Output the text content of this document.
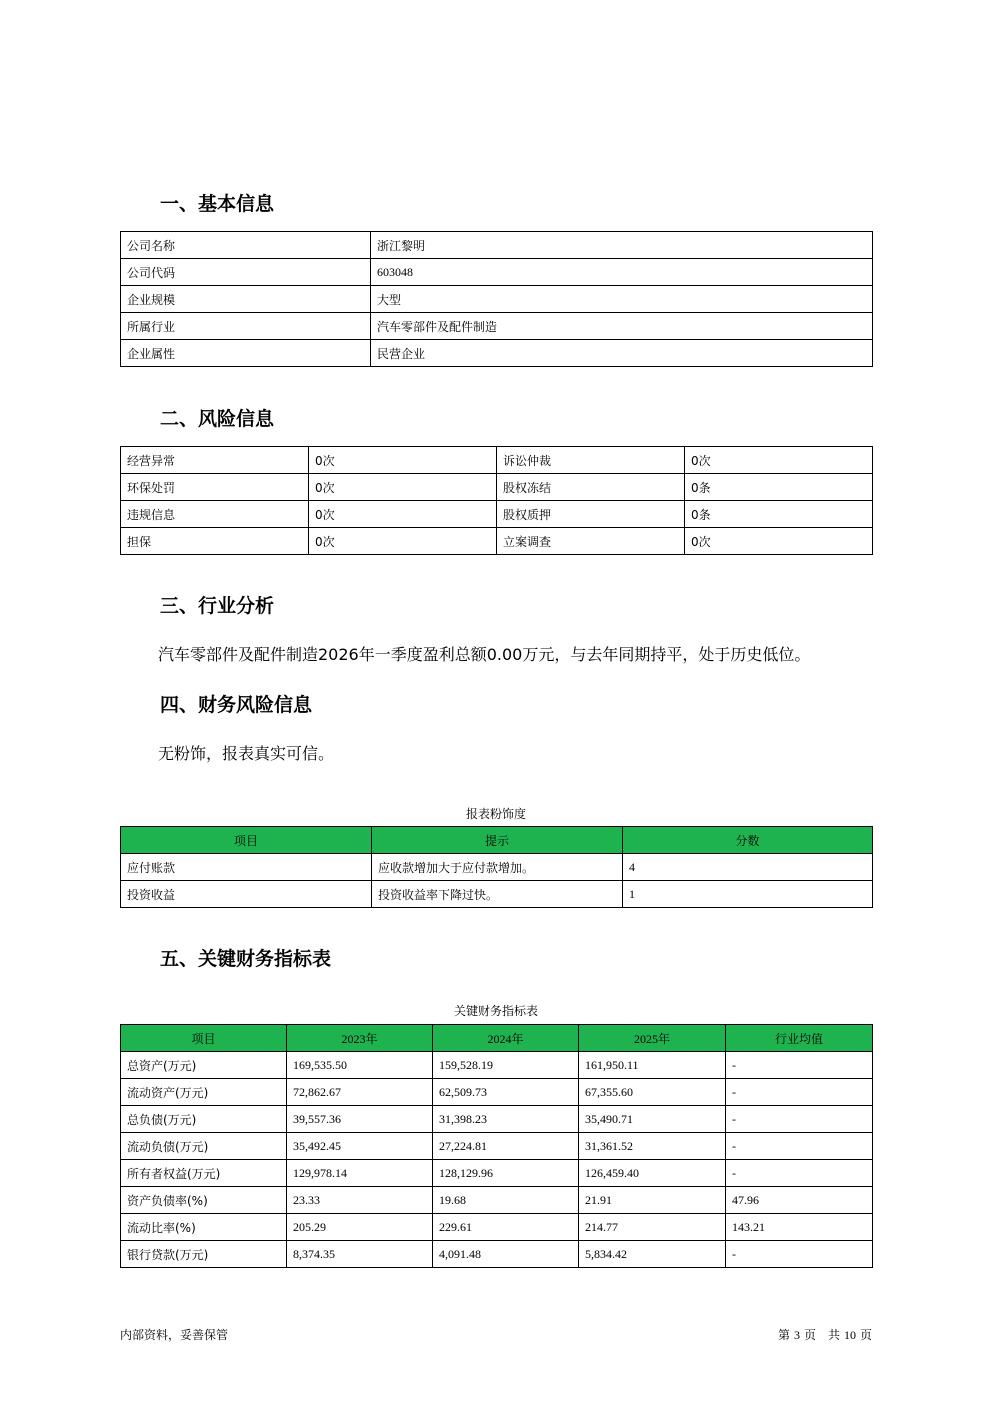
一、基本信息
公司名称	浙江黎明
公司代码	603048
企业规模	大型
所属行业	汽车零部件及配件制造
企业属性	民营企业
二、风险信息
经营异常	0次	诉讼仲裁	0次
环保处罚	0次	股权冻结	0条
违规信息	0次	股权质押	0条
担保	0次	立案调查	0次
三、行业分析

汽车零部件及配件制造2026年一季度盈利总额0.00万元，与去年同期持平，处于历史低位。

四、财务风险信息

无粉饰，报表真实可信。

报表粉饰度

项目	提示	分数
应付账款	应收款增加大于应付款增加。	4
投资收益	投资收益率下降过快。	1
五、关键财务指标表

关键财务指标表

项目	2023年	2024年	2025年	行业均值
总资产(万元)	169,535.50	159,528.19	161,950.11	-
流动资产(万元)	72,862.67	62,509.73	67,355.60	-
总负债(万元)	39,557.36	31,398.23	35,490.71	-
流动负债(万元)	35,492.45	27,224.81	31,361.52	-
所有者权益(万元)	129,978.14	128,129.96	126,459.40	-
资产负债率(%)	23.33	19.68	21.91	47.96
流动比率(%)	205.29	229.61	214.77	143.21
银行贷款(万元)	8,374.35	4,091.48	5,834.42	-
内部资料，妥善保管	第 3 页　共 10 页
